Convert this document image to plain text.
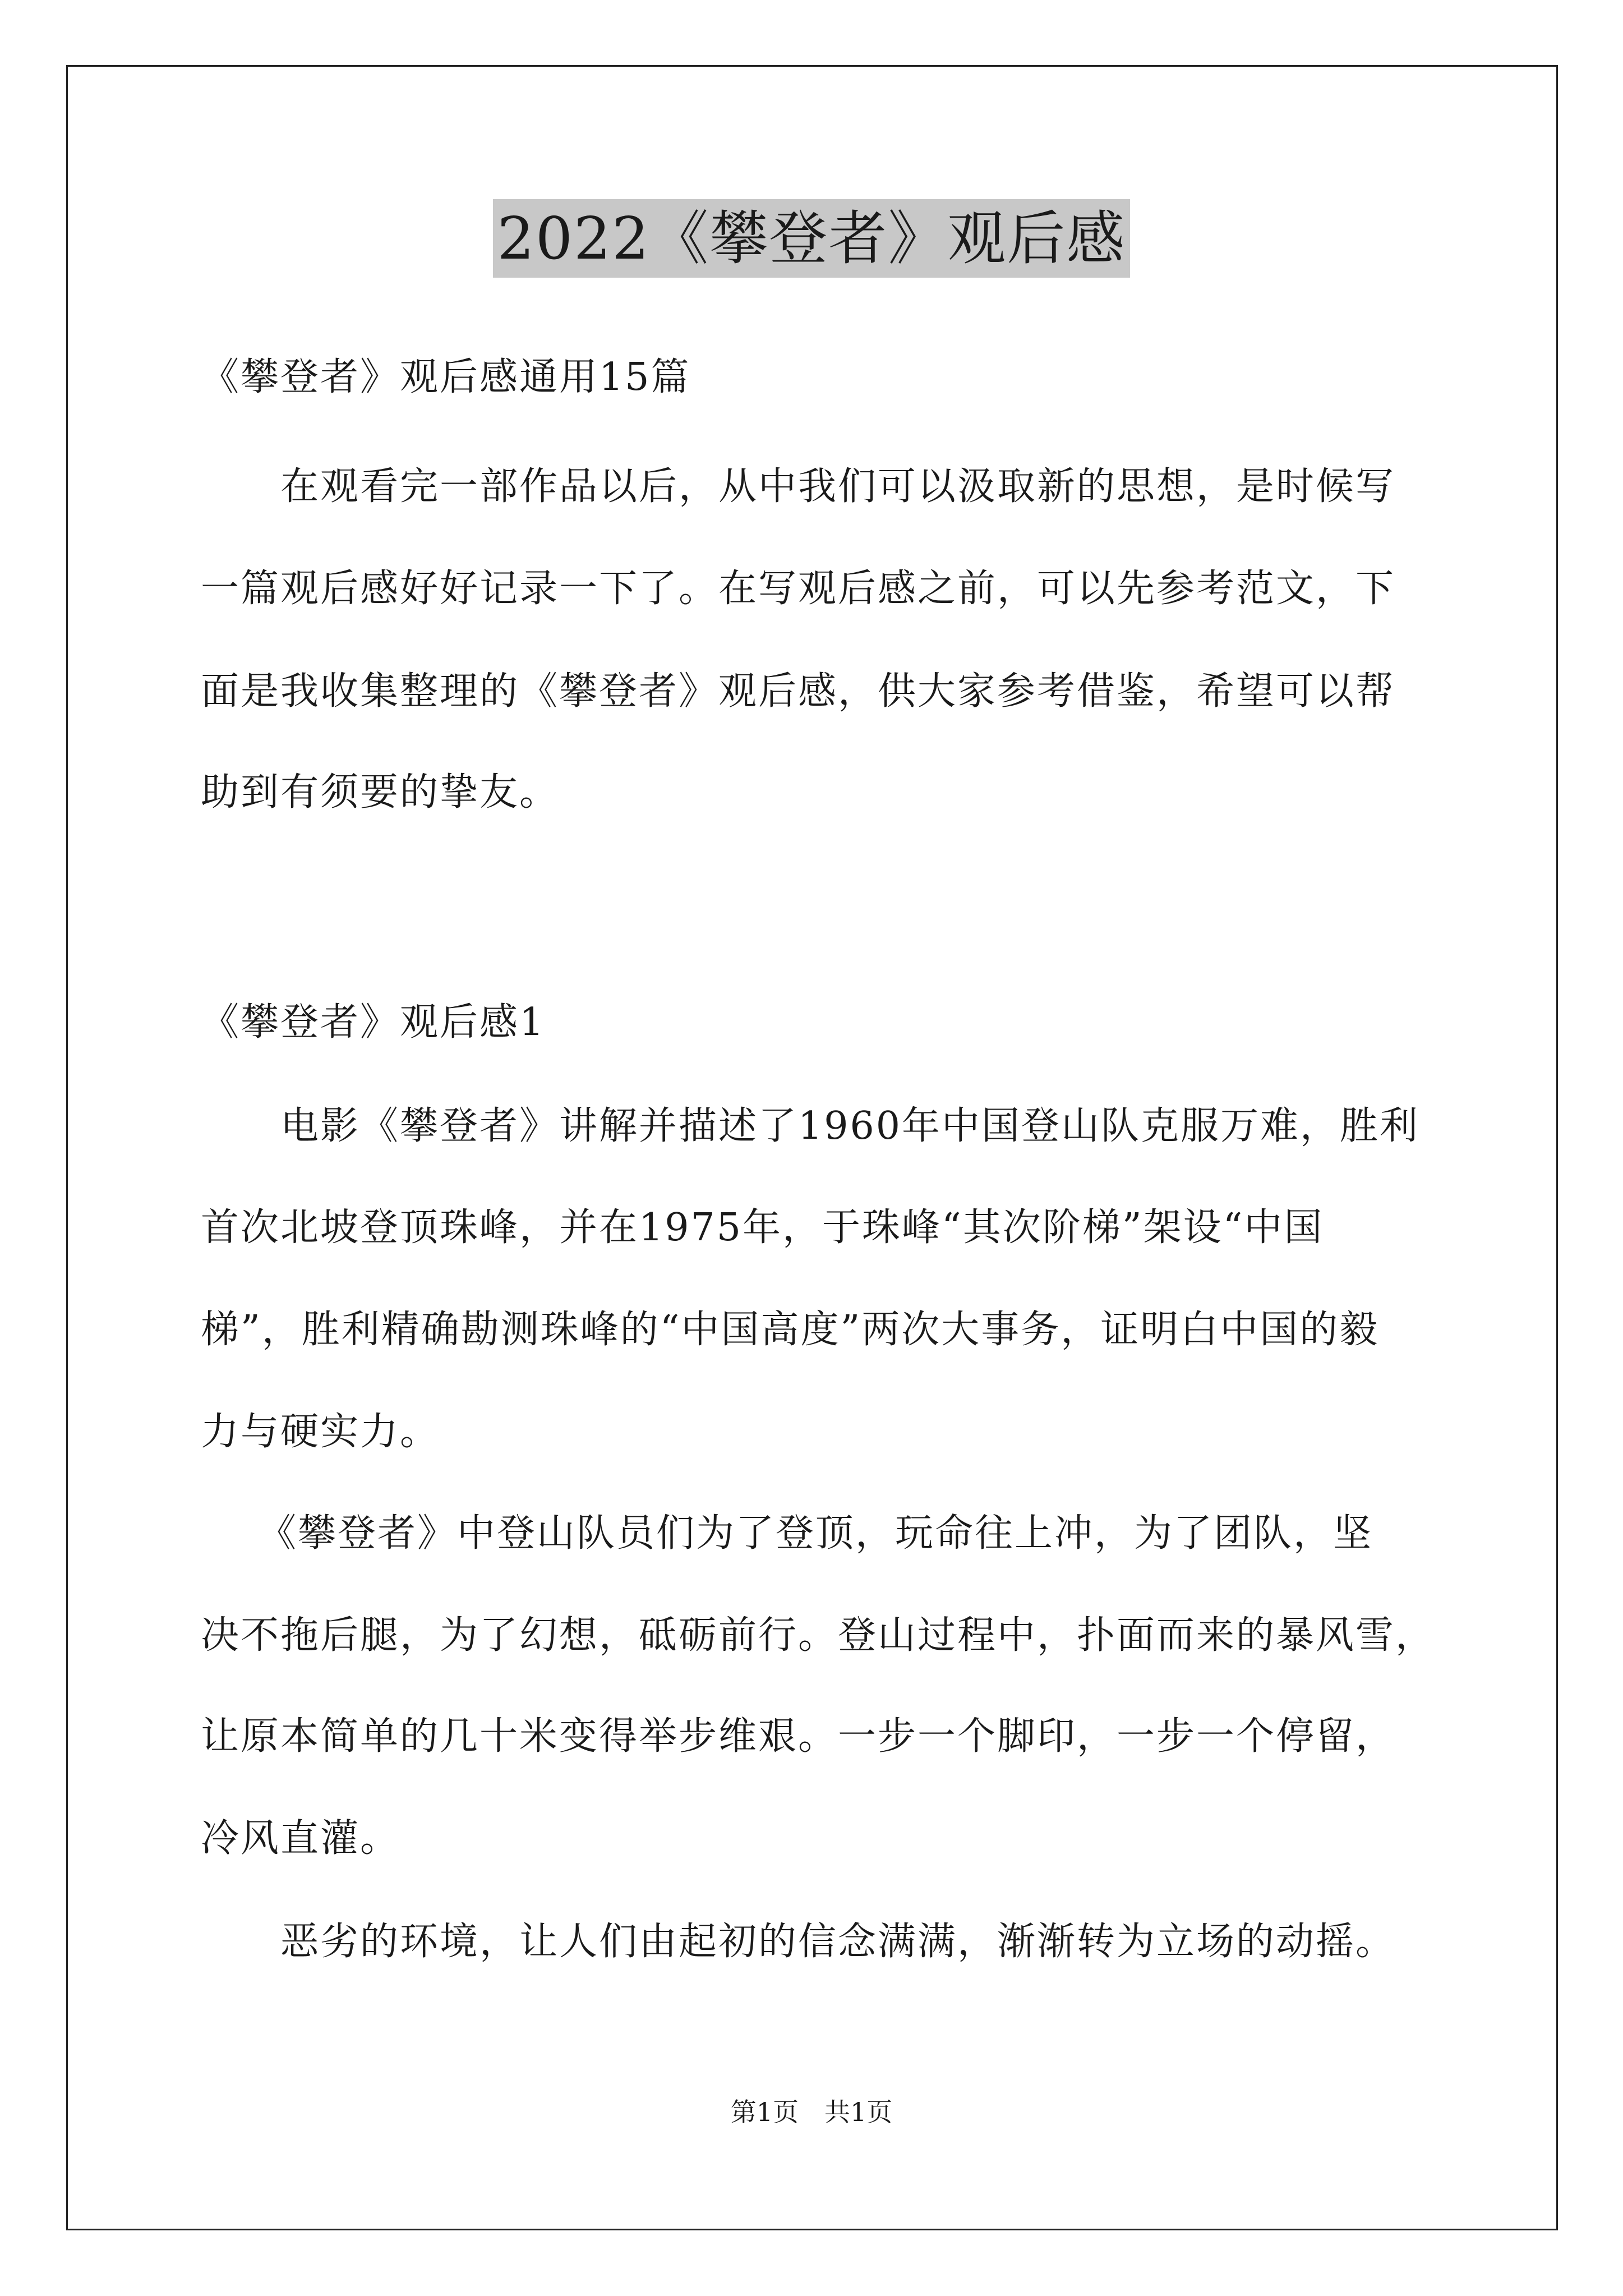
2022《攀登者》观后感
《攀登者》观后感通用15篇
在观看完一部作品以后，从中我们可以汲取新的思想，是时候写
一篇观后感好好记录一下了。在写观后感之前，可以先参考范文，下
面是我收集整理的《攀登者》观后感，供大家参考借鉴，希望可以帮
助到有须要的挚友。
《攀登者》观后感1
电影《攀登者》讲解并描述了1960年中国登山队克服万难，胜利
首次北坡登顶珠峰，并在1975年，于珠峰“其次阶梯”架设“中国
梯”，胜利精确勘测珠峰的“中国高度”两次大事务，证明白中国的毅
力与硬实力。
《攀登者》中登山队员们为了登顶，玩命往上冲，为了团队，坚
决不拖后腿，为了幻想，砥砺前行。登山过程中，扑面而来的暴风雪，
让原本简单的几十米变得举步维艰。一步一个脚印，一步一个停留，
冷风直灌。
恶劣的环境，让人们由起初的信念满满，渐渐转为立场的动摇。
第1页　共1页
